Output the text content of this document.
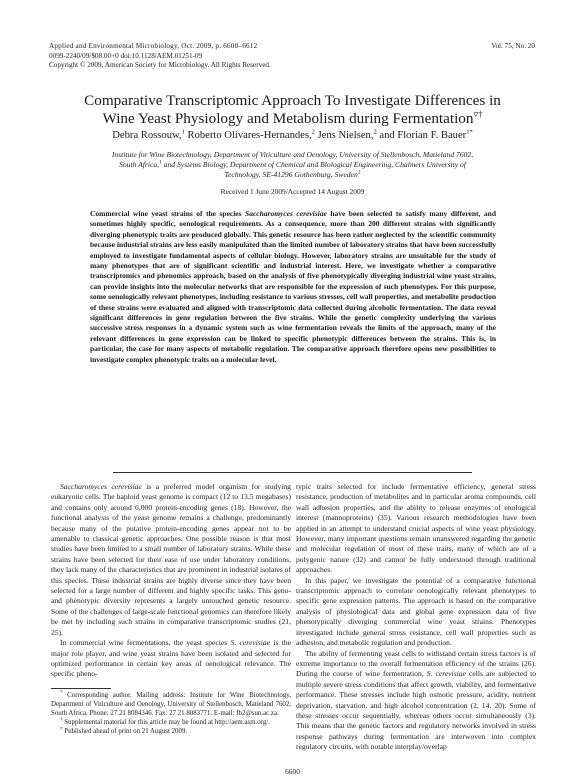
Applied and Environmental Microbiology, Oct. 2009, p. 6600–6612
0099-2240/09/$08.00+0 doi:10.1128/AEM.01251-09
Copyright © 2009, American Society for Microbiology. All Rights Reserved.
Vol. 75, No. 20
Comparative Transcriptomic Approach To Investigate Differences in
Wine Yeast Physiology and Metabolism during Fermentation▿†
Debra Rossouw,$^1$ Roberto Olivares-Hernandes,$^2$ Jens Nielsen,$^2$ and Florian F. Bauer$^{1*}$
Institute for Wine Biotechnology, Department of Viticulture and Oenology, University of Stellenbosch, Matieland 7602,
South Africa,$^1$ and Systems Biology, Department of Chemical and Biological Engineering, Chalmers University of
Technology, SE-41296 Gothenburg, Sweden$^2$
Received 1 June 2009/Accepted 14 August 2009

Commercial wine yeast strains of the species Saccharomyces cerevisiae have been selected to satisfy many different, and sometimes highly specific, oenological requirements. As a consequence, more than 200 different strains with significantly diverging phenotypic traits are produced globally. This genetic resource has been rather neglected by the scientific community because industrial strains are less easily manipulated than the limited number of laboratory strains that have been successfully employed to investigate fundamental aspects of cellular biology. However, laboratory strains are unsuitable for the study of many phenotypes that are of significant scientific and industrial interest. Here, we investigate whether a comparative transcriptomics and phenomics approach, based on the analysis of five phenotypically diverging industrial wine yeast strains, can provide insights into the molecular networks that are responsible for the expression of such phenotypes. For this purpose, some oenologically relevant phenotypes, including resistance to various stresses, cell wall properties, and metabolite production of these strains were evaluated and aligned with transcriptomic data collected during alcoholic fermentation. The data reveal significant differences in gene regulation between the five strains. While the genetic complexity underlying the various successive stress responses in a dynamic system such as wine fermentation reveals the limits of the approach, many of the relevant differences in gene expression can be linked to specific phenotypic differences between the strains. This is, in particular, the case for many aspects of metabolic regulation. The comparative approach therefore opens new possibilities to investigate complex phenotypic traits on a molecular level.

Saccharomyces cerevisiae is a preferred model organism for studying eukaryotic cells. The haploid yeast genome is compact (12 to 13.5 megabases) and contains only around 6,000 protein-encoding genes (18). However, the functional analysis of the yeast genome remains a challenge, predominantly because many of the putative protein-encoding genes appear not to be amenable to classical genetic approaches. One possible reason is that most studies have been limited to a small number of laboratory strains. While these strains have been selected for their ease of use under laboratory conditions, they lack many of the characteristics that are prominent in industrial isolates of this species. These industrial strains are highly diverse since they have been selected for a large number of different and highly specific tasks. This geno- and phenotypic diversity represents a largely untouched genetic resource. Some of the challenges of large-scale functional genomics can therefore likely be met by including such strains in comparative transcriptomic studies (21, 25).

In commercial wine fermentations, the yeast species S. cerevisiae is the major role player, and wine yeast strains have been isolated and selected for optimized performance in certain key areas of oenological relevance. The specific pheno-

typic traits selected for include fermentative efficiency, general stress resistance, production of metabolites and in particular aroma compounds, cell wall adhesion properties, and the ability to release enzymes of enological interest (mannoproteins) (35). Various research methodologies have been applied in an attempt to understand crucial aspects of wine yeast physiology. However, many important questions remain unanswered regarding the genetic and molecular regulation of most of these traits, many of which are of a polygenic nature (32) and cannot be fully understood through traditional approaches.

In this paper, we investigate the potential of a comparative functional transcriptomic approach to correlate oenologically relevant phenotypes to specific gene expression patterns. The approach is based on the comparative analysis of physiological data and global gene expression data of five phenotypically diverging commercial wine yeast strains. Phenotypes investigated include general stress resistance, cell wall properties such as adhesion, and metabolic regulation and production.

The ability of fermenting yeast cells to withstand certain stress factors is of extreme importance to the overall fermentation efficiency of the strains (26). During the course of wine fermentation, S. cerevisiae cells are subjected to multiple severe stress conditions that affect growth, viability, and fermentative performance. These stresses include high osmotic pressure, acidity, nutrient deprivation, starvation, and high alcohol concentration (2, 14, 20). Some of these stresses occur sequentially, whereas others occur simultaneously (3). This means that the genetic factors and regulatory networks involved in stress response pathways during fermentation are interwoven into complex regulatory circuits, with notable interplay/overlap

* Corresponding author. Mailing address: Institute for Wine Biotechnology, Department of Viticulture and Oenology, University of Stellenbosch, Matieland 7602, South Africa. Phone: 27 21 8084346. Fax: 27 21 8083771. E-mail: fb2@sun.ac.za.

† Supplemental material for this article may be found at http://aem.asm.org/.

▿ Published ahead of print on 21 August 2009.

6600
